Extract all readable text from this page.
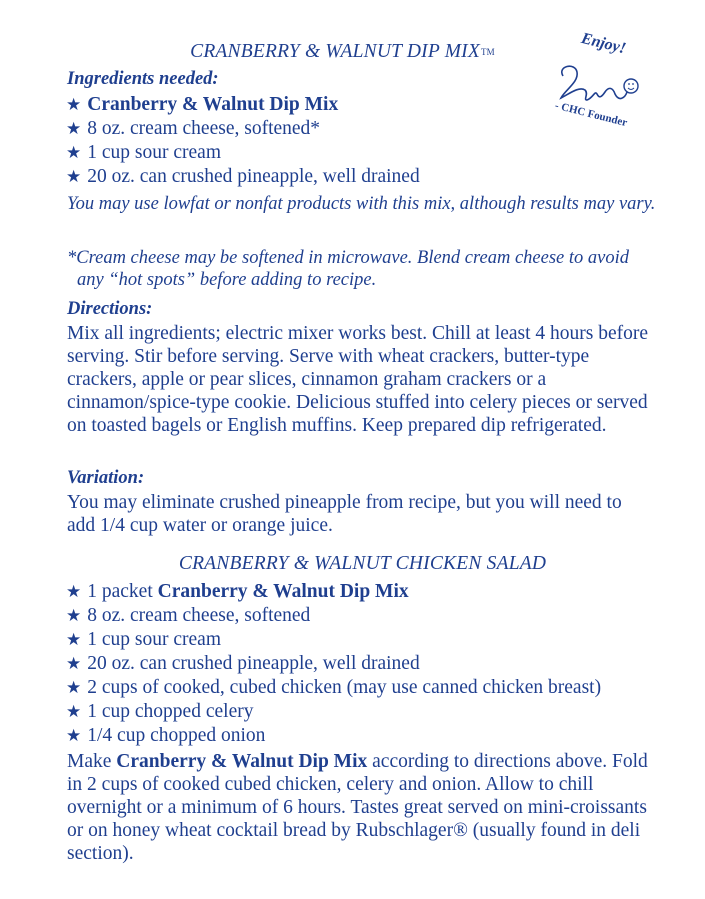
Enjoy!
- CHC Founder
CRANBERRY & WALNUT DIP MIXTM
Ingredients needed:
★ Cranberry & Walnut Dip Mix
★ 8 oz. cream cheese, softened*
★ 1 cup sour cream
★ 20 oz. can crushed pineapple, well drained

You may use lowfat or nonfat products with this mix, although results may vary.

*Cream cheese may be softened in microwave. Blend cream cheese to avoid

any “hot spots” before adding to recipe.

Directions:

Mix all ingredients; electric mixer works best. Chill at least 4 hours before serving. Stir before serving. Serve with wheat crackers, butter-type crackers, apple or pear slices, cinnamon graham crackers or a cinnamon/spice-type cookie. Delicious stuffed into celery pieces or served on toasted bagels or English muffins. Keep prepared dip refrigerated.

Variation:

You may eliminate crushed pineapple from recipe, but you will need to add 1/4 cup water or orange juice.

CRANBERRY & WALNUT CHICKEN SALAD
★ 1 packet Cranberry & Walnut Dip Mix
★ 8 oz. cream cheese, softened
★ 1 cup sour cream
★ 20 oz. can crushed pineapple, well drained
★ 2 cups of cooked, cubed chicken (may use canned chicken breast)
★ 1 cup chopped celery
★ 1/4 cup chopped onion

Make Cranberry & Walnut Dip Mix according to directions above. Fold in 2 cups of cooked cubed chicken, celery and onion. Allow to chill overnight or a minimum of 6 hours. Tastes great served on mini-croissants or on honey wheat cocktail bread by Rubschlager® (usually found in deli section).
